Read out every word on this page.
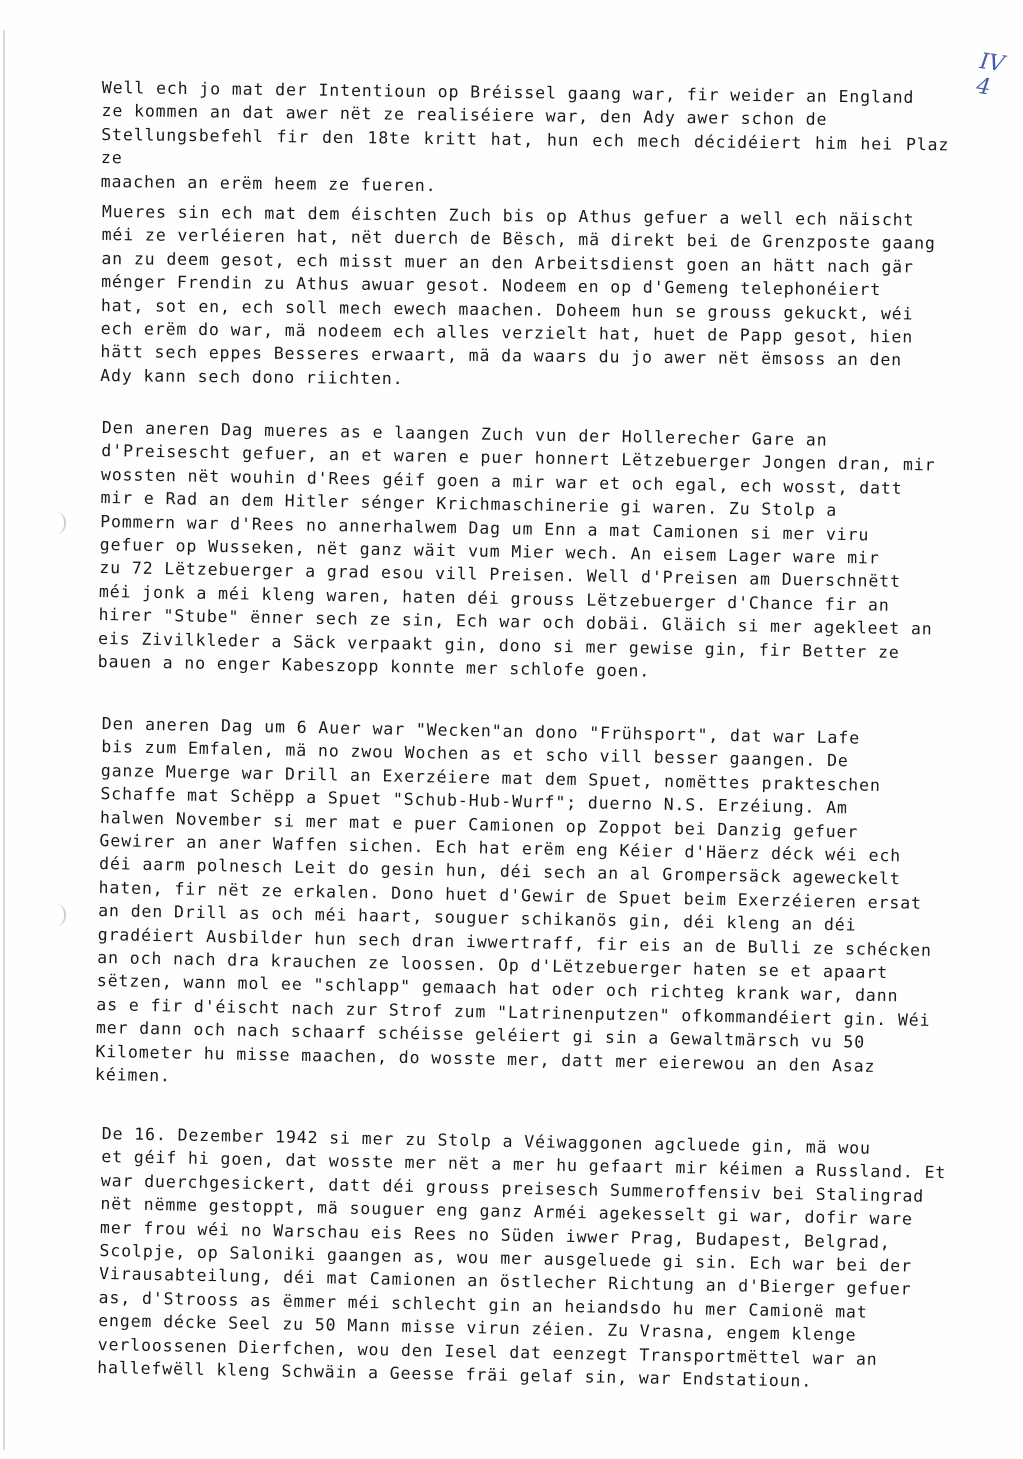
IV 4

Well ech jo mat der Intentioun op Bréissel gaang war, fir weider an England
ze kommen an dat awer nët ze realiséiere war, den Ady awer schon de
Stellungsbefehl fir den 18te kritt hat, hun ech mech décidéiert him hei Plaz ze
maachen an erëm heem ze fueren.

Mueres sin ech mat dem éischten Zuch bis op Athus gefuer a well ech näischt
méi ze verléieren hat, nët duerch de Bësch, mä direkt bei de Grenzposte gaang
an zu deem gesot, ech misst muer an den Arbeitsdienst goen an hätt nach gär
ménger Frendin zu Athus awuar gesot. Nodeem en op d'Gemeng telephonéiert
hat, sot en, ech soll mech ewech maachen. Doheem hun se grouss gekuckt, wéi
ech erëm do war, mä nodeem ech alles verzielt hat, huet de Papp gesot, hien
hätt sech eppes Besseres erwaart, mä da waars du jo awer nët ëmsoss an den
Ady kann sech dono riichten.

Den aneren Dag mueres as e laangen Zuch vun der Hollerecher Gare an
d'Preisescht gefuer, an et waren e puer honnert Lëtzebuerger Jongen dran, mir
wossten nët wouhin d'Rees géif goen a mir war et och egal, ech wosst, datt
mir e Rad an dem Hitler sénger Krichmaschinerie gi waren. Zu Stolp a
Pommern war d'Rees no annerhalwem Dag um Enn a mat Camionen si mer viru
gefuer op Wusseken, nët ganz wäit vum Mier wech. An eisem Lager ware mir
zu 72 Lëtzebuerger a grad esou vill Preisen. Well d'Preisen am Duerschnëtt
méi jonk a méi kleng waren, haten déi grouss Lëtzebuerger d'Chance fir an
hirer "Stube" ënner sech ze sin, Ech war och dobäi. Gläich si mer agekleet an
eis Zivilkleder a Säck verpaakt gin, dono si mer gewise gin, fir Better ze
bauen a no enger Kabeszopp konnte mer schlofe goen.

Den aneren Dag um 6 Auer war "Wecken"an dono "Frühsport", dat war Lafe
bis zum Emfalen, mä no zwou Wochen as et scho vill besser gaangen. De
ganze Muerge war Drill an Exerzéiere mat dem Spuet, nomëttes prakteschen
Schaffe mat Schëpp a Spuet "Schub-Hub-Wurf"; duerno N.S. Erzéiung. Am
halwen November si mer mat e puer Camionen op Zoppot bei Danzig gefuer
Gewirer an aner Waffen sichen. Ech hat erëm eng Kéier d'Häerz déck wéi ech
déi aarm polnesch Leit do gesin hun, déi sech an al Grompersäck ageweckelt
haten, fir nët ze erkalen. Dono huet d'Gewir de Spuet beim Exerzéieren ersat
an den Drill as och méi haart, souguer schikanös gin, déi kleng an déi
gradéiert Ausbilder hun sech dran iwwertraff, fir eis an de Bulli ze schécken
an och nach dra krauchen ze loossen. Op d'Lëtzebuerger haten se et apaart
sëtzen, wann mol ee "schlapp" gemaach hat oder och richteg krank war, dann
as e fir d'éischt nach zur Strof zum "Latrinenputzen" ofkommandéiert gin. Wéi
mer dann och nach schaarf schéisse geléiert gi sin a Gewaltmärsch vu 50
Kilometer hu misse maachen, do wosste mer, datt mer eierewou an den Asaz
kéimen.

De 16. Dezember 1942 si mer zu Stolp a Véiwaggonen agcluede gin, mä wou
et géif hi goen, dat wosste mer nët a mer hu gefaart mir kéimen a Russland. Et
war duerchgesickert, datt déi grouss preisesch Summeroffensiv bei Stalingrad
nët nëmme gestoppt, mä souguer eng ganz Arméi agekesselt gi war, dofir ware
mer frou wéi no Warschau eis Rees no Süden iwwer Prag, Budapest, Belgrad,
Scolpje, op Saloniki gaangen as, wou mer ausgeluede gi sin. Ech war bei der
Virausabteilung, déi mat Camionen an östlecher Richtung an d'Bierger gefuer
as, d'Strooss as ëmmer méi schlecht gin an heiandsdo hu mer Camionë mat
engem décke Seel zu 50 Mann misse virun zéien. Zu Vrasna, engem klenge
verloossenen Dierfchen, wou den Iesel dat eenzegt Transportmëttel war an
hallefwëll kleng Schwäin a Geesse fräi gelaf sin, war Endstatioun.
